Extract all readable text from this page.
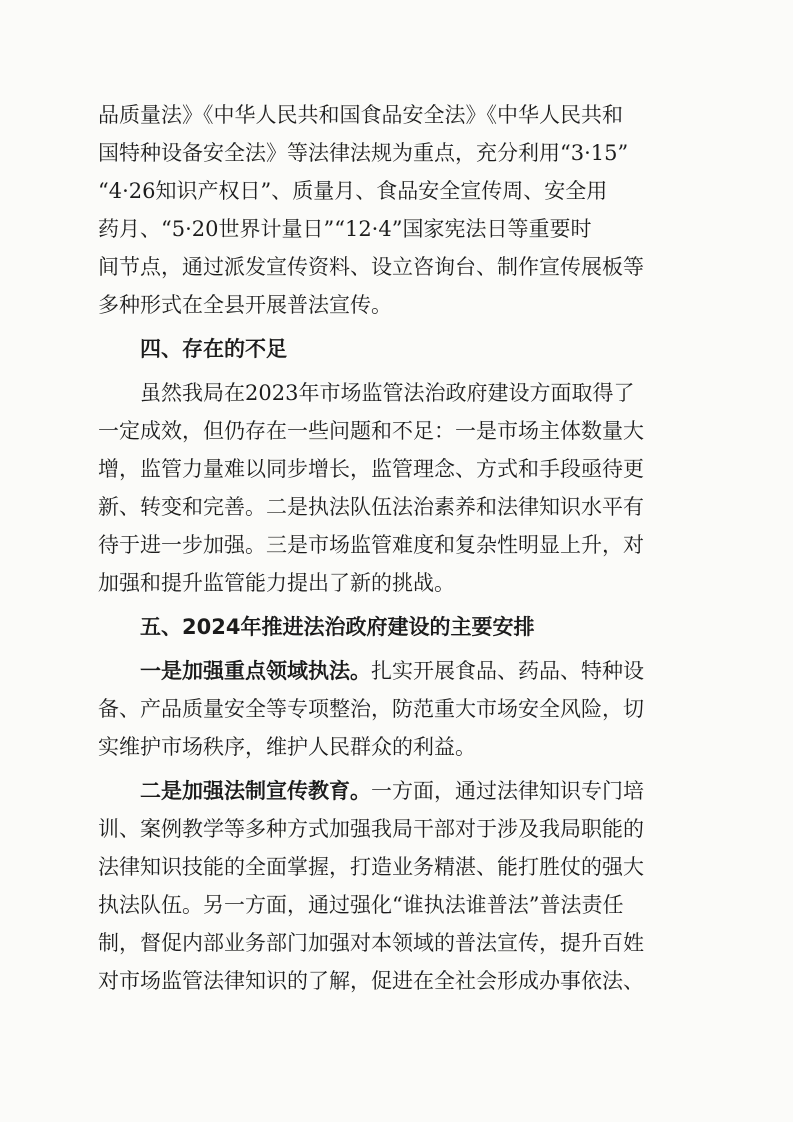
品质量法》《中华人民共和国食品安全法》《中华人民共和
国特种设备安全法》等法律法规为重点，充分利用“3·15”
“4·26知识产权日”、质量月、食品安全宣传周、安全用
药月、“5·20世界计量日”“12·4”国家宪法日等重要时
间节点，通过派发宣传资料、设立咨询台、制作宣传展板等
多种形式在全县开展普法宣传。
四、存在的不足
虽然我局在2023年市场监管法治政府建设方面取得了
一定成效，但仍存在一些问题和不足：一是市场主体数量大
增，监管力量难以同步增长，监管理念、方式和手段亟待更
新、转变和完善。二是执法队伍法治素养和法律知识水平有
待于进一步加强。三是市场监管难度和复杂性明显上升，对
加强和提升监管能力提出了新的挑战。
五、2024年推进法治政府建设的主要安排
一是加强重点领域执法。扎实开展食品、药品、特种设
备、产品质量安全等专项整治，防范重大市场安全风险，切
实维护市场秩序，维护人民群众的利益。
二是加强法制宣传教育。一方面，通过法律知识专门培
训、案例教学等多种方式加强我局干部对于涉及我局职能的
法律知识技能的全面掌握，打造业务精湛、能打胜仗的强大
执法队伍。另一方面，通过强化“谁执法谁普法”普法责任
制，督促内部业务部门加强对本领域的普法宣传，提升百姓
对市场监管法律知识的了解，促进在全社会形成办事依法、
